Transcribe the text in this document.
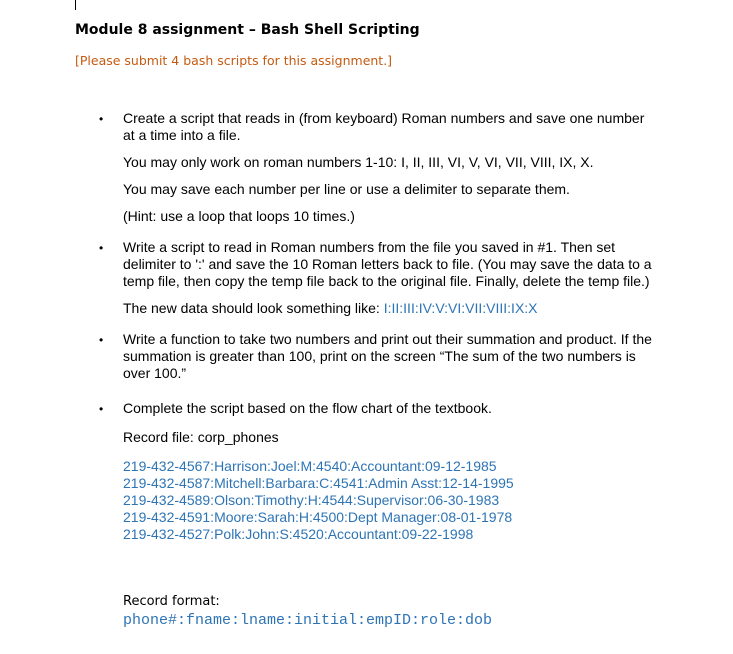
Module 8 assignment – Bash Shell Scripting
[Please submit 4 bash scripts for this assignment.]
• Create a script that reads in (from keyboard) Roman numbers and save one number at a time into a file.

You may only work on roman numbers 1-10: I, II, III, VI, V, VI, VII, VIII, IX, X.

You may save each number per line or use a delimiter to separate them.

(Hint: use a loop that loops 10 times.)

• Write a script to read in Roman numbers from the file you saved in #1. Then set delimiter to ':' and save the 10 Roman letters back to file. (You may save the data to a temp file, then copy the temp file back to the original file. Finally, delete the temp file.)

The new data should look something like: I:II:III:IV:V:VI:VII:VIII:IX:X

• Write a function to take two numbers and print out their summation and product. If the summation is greater than 100, print on the screen “The sum of the two numbers is over 100.”

• Complete the script based on the flow chart of the textbook.

Record file: corp_phones

219-432-4567:Harrison:Joel:M:4540:Accountant:09-12-1985
219-432-4587:Mitchell:Barbara:C:4541:Admin Asst:12-14-1995
219-432-4589:Olson:Timothy:H:4544:Supervisor:06-30-1983
219-432-4591:Moore:Sarah:H:4500:Dept Manager:08-01-1978
219-432-4527:Polk:John:S:4520:Accountant:09-22-1998
Record format:
phone#:fname:lname:initial:empID:role:dob
